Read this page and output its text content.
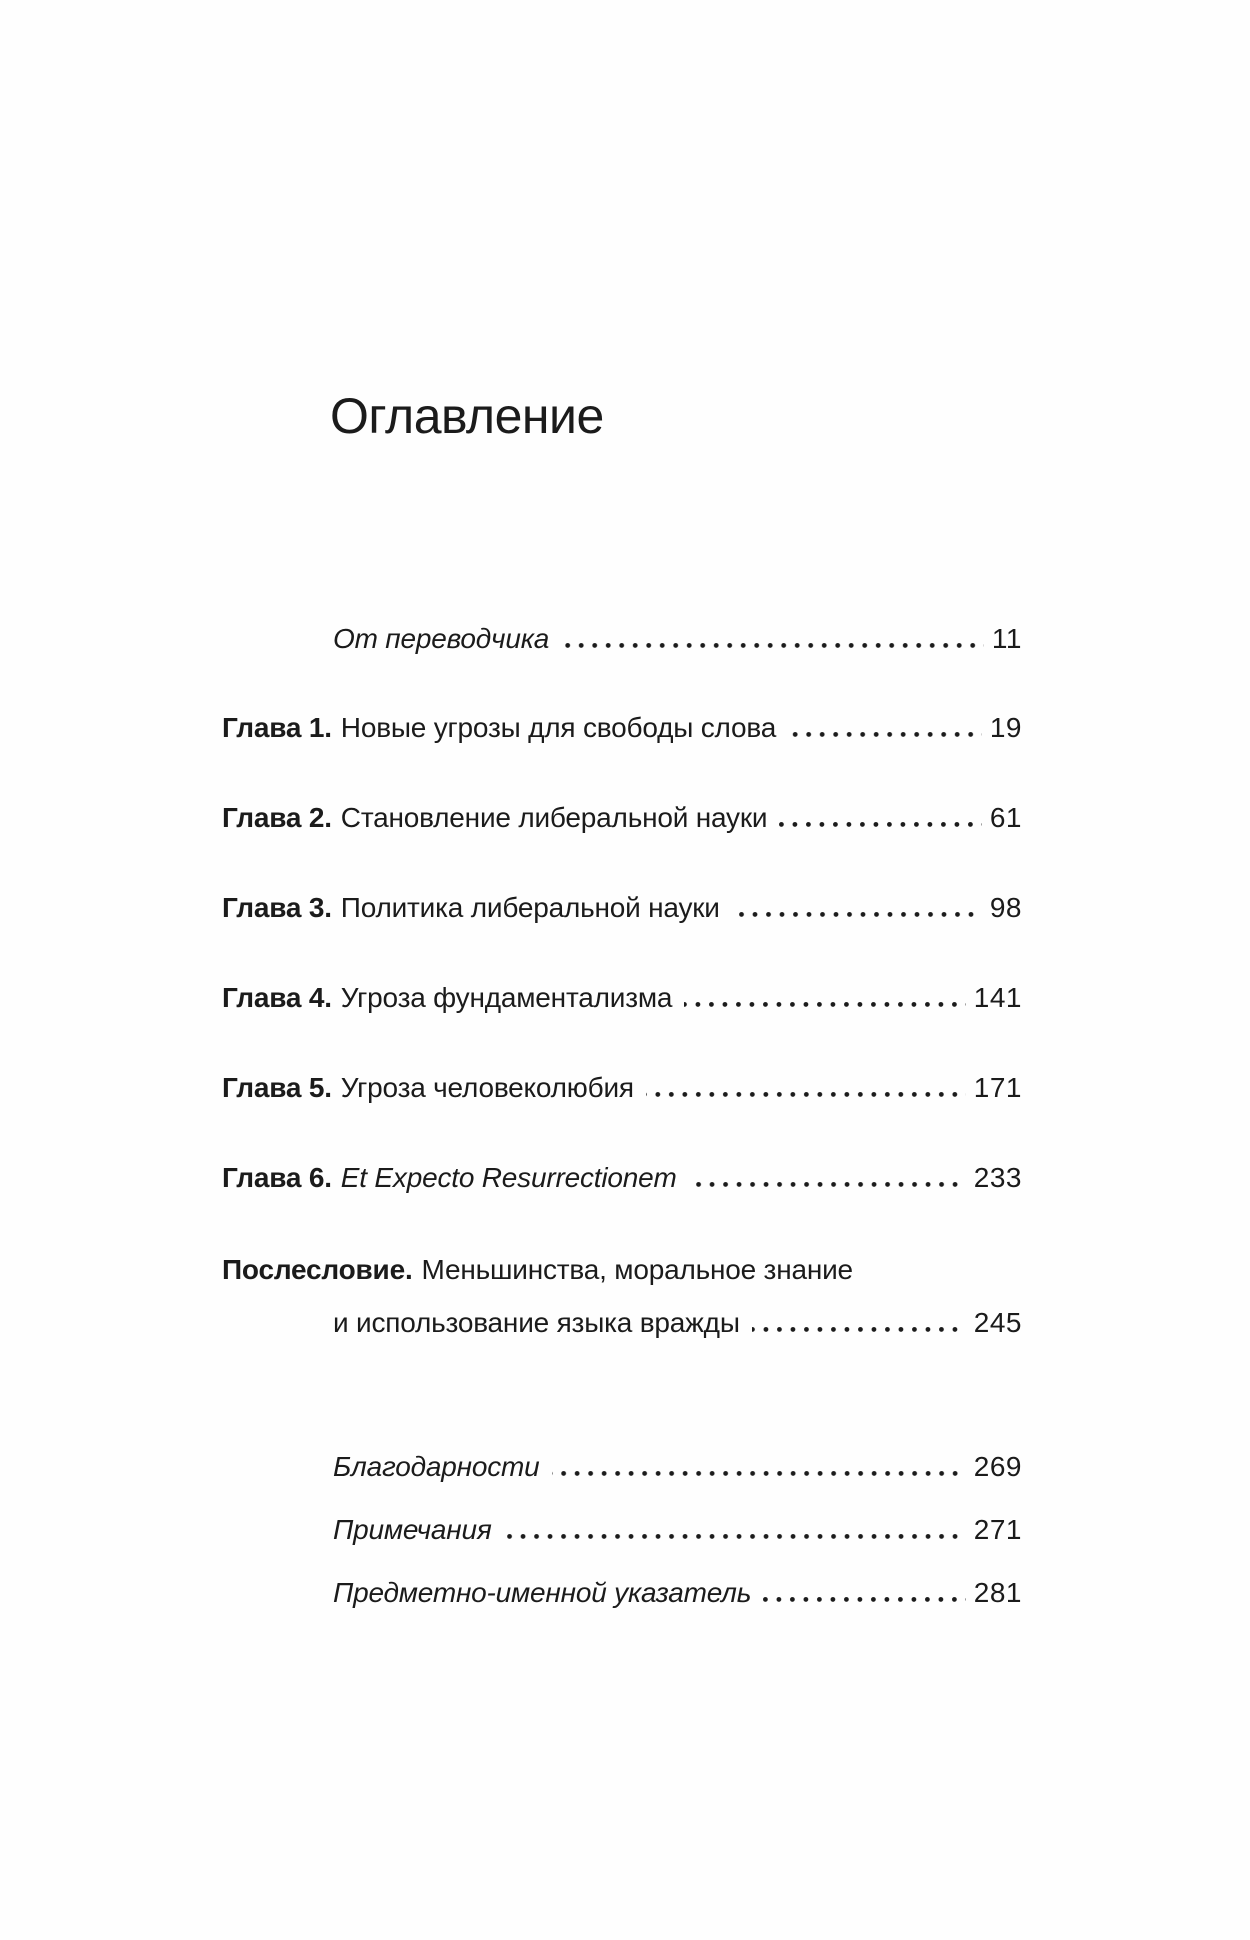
Оглавление
От переводчика	11
Глава 1. Новые угрозы для свободы слова	19
Глава 2. Становление либеральной науки	61
Глава 3. Политика либеральной науки	98
Глава 4. Угроза фундаментализма	141
Глава 5. Угроза человеколюбия	171
Глава 6. Et Expecto Resurrectionem	233
Послесловие. Меньшинства, моральное знание
и использование языка вражды	245
Благодарности	269
Примечания	271
Предметно-именной указатель	281
